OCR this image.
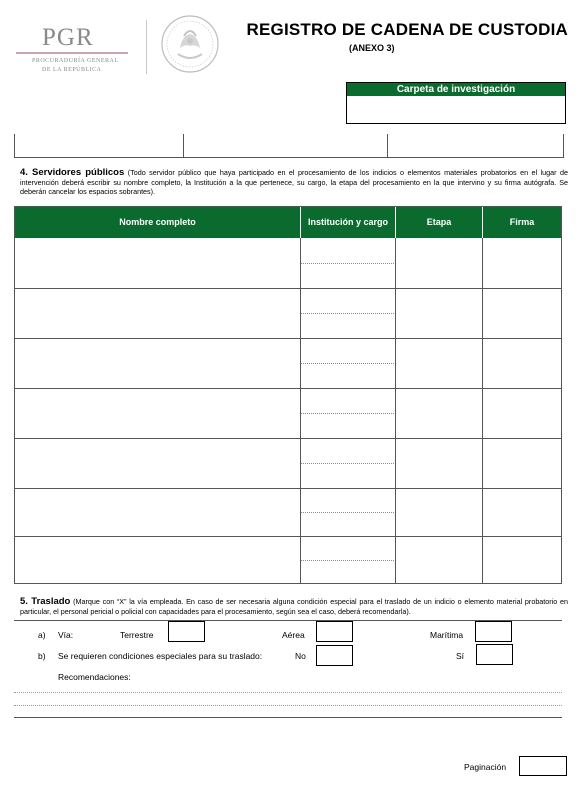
PGR
PROCURADURÍA GENERAL
DE LA REPÚBLICA
REGISTRO DE CADENA DE CUSTODIA
(ANEXO 3)
Carpeta de investigación
4. Servidores públicos (Todo servidor público que haya participado en el procesamiento de los indicios o elementos materiales probatorios en el lugar de intervención deberá escribir su nombre completo, la Institución a la que pertenece, su cargo, la etapa del procesamiento en la que intervino y su firma autógrafa. Se deberán cancelar los espacios sobrantes).
Nombre completo	Institución y cargo	Etapa	Firma
5. Traslado (Marque con “X” la vía empleada. En caso de ser necesaria alguna condición especial para el traslado de un indicio o elemento material probatorio en particular, el personal pericial o policial con capacidades para el procesamiento, según sea el caso, deberá recomendarla).
a) Vía:	Terrestre	Aérea	Marítima
b) Se requieren condiciones especiales para su traslado:	No	Sí
Recomendaciones:
Paginación
